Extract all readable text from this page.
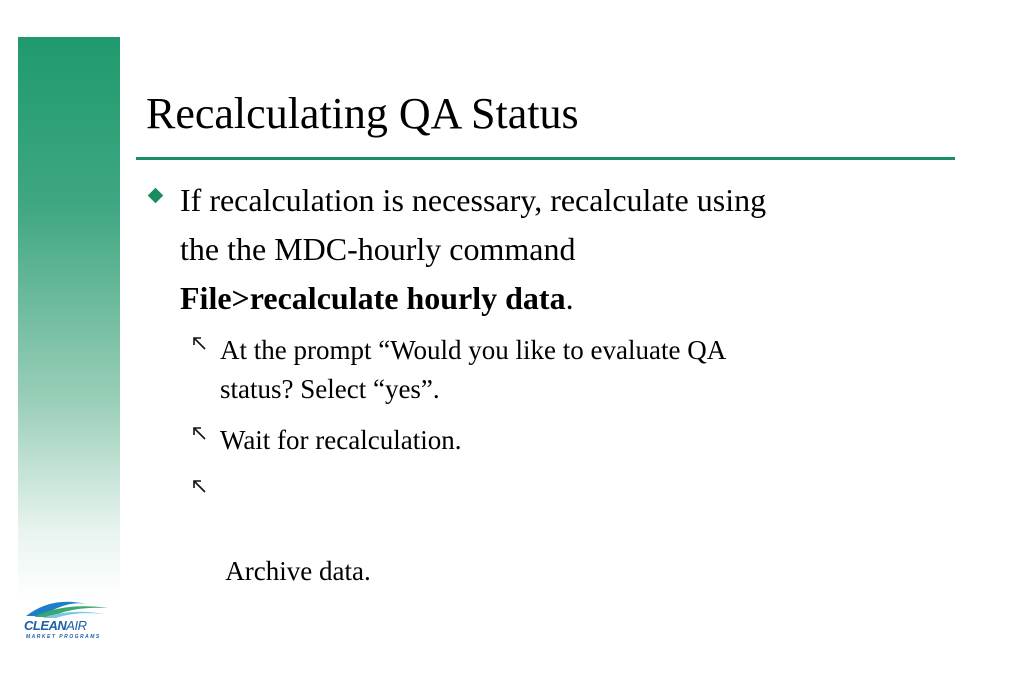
Recalculating QA Status
If recalculation is necessary, recalculate using
the the MDC-hourly command
File>recalculate hourly data.
At the prompt “Would you like to evaluate QA
status? Select “yes”.
Wait for recalculation.

Archive data.

CLEANAIR
MARKET PROGRAMS
